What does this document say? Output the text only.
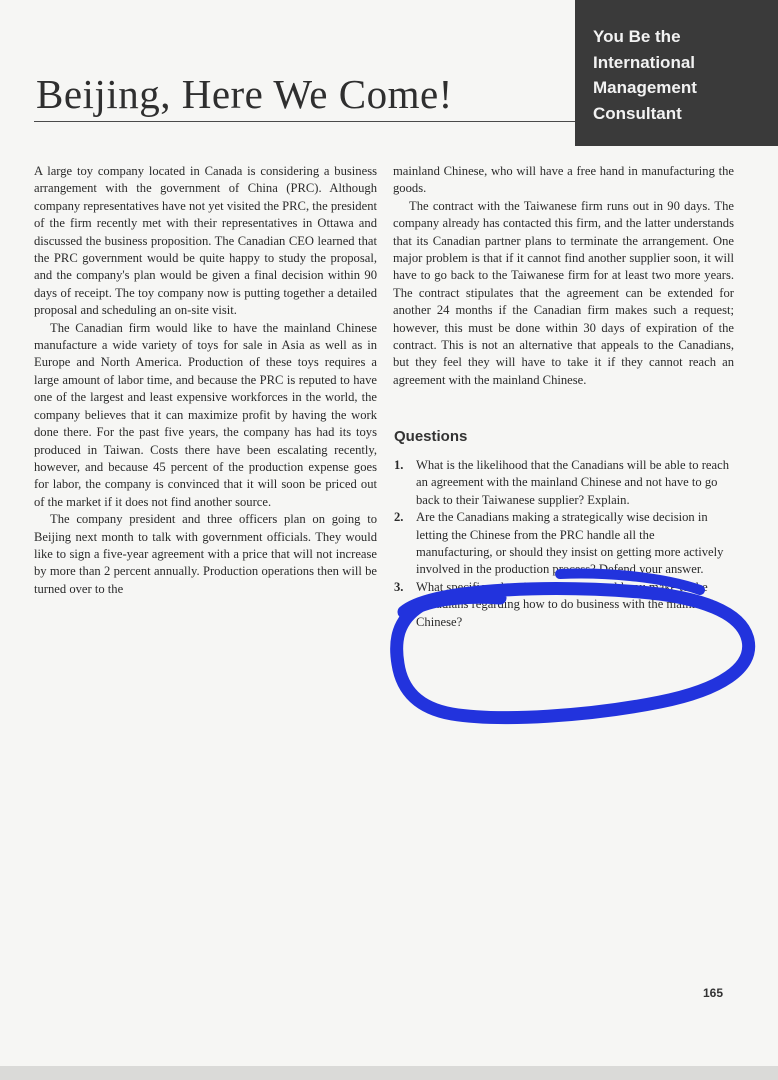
Beijing, Here We Come!
You Be the
International
Management
Consultant

A large toy company located in Canada is considering a business arrangement with the government of China (PRC). Although company representatives have not yet visited the PRC, the president of the firm recently met with their representatives in Ottawa and discussed the business proposition. The Canadian CEO learned that the PRC government would be quite happy to study the proposal, and the company's plan would be given a final decision within 90 days of receipt. The toy company now is putting together a detailed proposal and scheduling an on-site visit.

The Canadian firm would like to have the mainland Chinese manufacture a wide variety of toys for sale in Asia as well as in Europe and North America. Production of these toys requires a large amount of labor time, and because the PRC is reputed to have one of the largest and least expensive workforces in the world, the company believes that it can maximize profit by having the work done there. For the past five years, the company has had its toys produced in Taiwan. Costs there have been escalating recently, however, and because 45 percent of the production expense goes for labor, the company is convinced that it will soon be priced out of the market if it does not find another source.

The company president and three officers plan on going to Beijing next month to talk with government officials. They would like to sign a five-year agreement with a price that will not increase by more than 2 percent annually. Production operations then will be turned over to the

mainland Chinese, who will have a free hand in manufacturing the goods.

The contract with the Taiwanese firm runs out in 90 days. The company already has contacted this firm, and the latter understands that its Canadian partner plans to terminate the arrangement. One major problem is that if it cannot find another supplier soon, it will have to go back to the Taiwanese firm for at least two more years. The contract stipulates that the agreement can be extended for another 24 months if the Canadian firm makes such a request; however, this must be done within 30 days of expiration of the contract. This is not an alternative that appeals to the Canadians, but they feel they will have to take it if they cannot reach an agreement with the mainland Chinese.

Questions
1. What is the likelihood that the Canadians will be able to reach an agreement with the mainland Chinese and not have to go back to their Taiwanese supplier? Explain.
2. Are the Canadians making a strategically wise decision in letting the Chinese from the PRC handle all the manufacturing, or should they insist on getting more actively involved in the production process? Defend your answer.
3. What specific cultural suggestions would you make to the Canadians regarding how to do business with the mainland Chinese?
165
